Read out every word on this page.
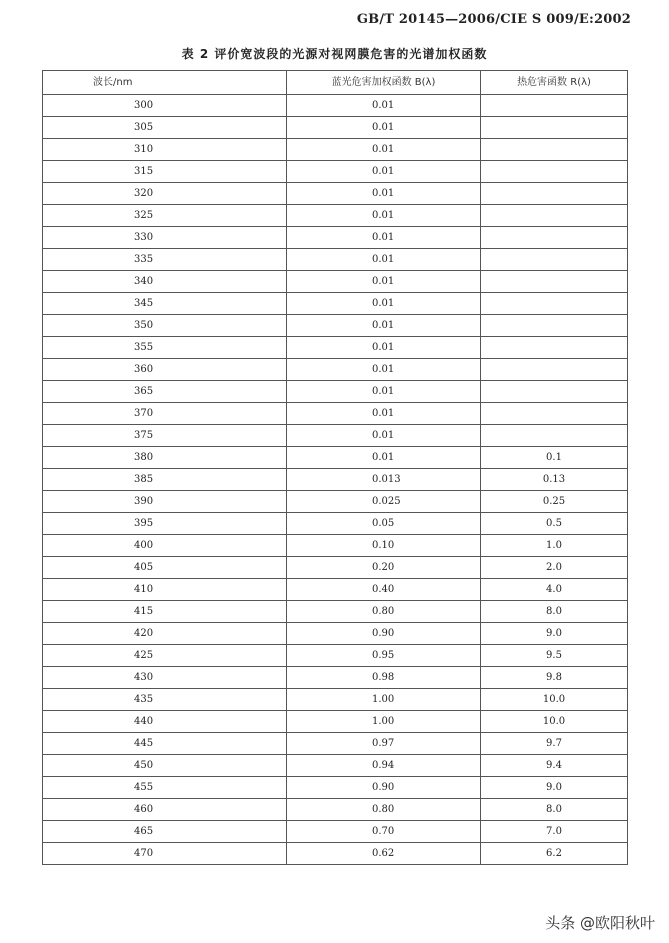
GB/T 20145—2006/CIE S 009/E:2002
表 2 评价宽波段的光源对视网膜危害的光谱加权函数
波长/nm	蓝光危害加权函数 B(λ)	热危害函数 R(λ)
300	0.01	
305	0.01	
310	0.01	
315	0.01	
320	0.01	
325	0.01	
330	0.01	
335	0.01	
340	0.01	
345	0.01	
350	0.01	
355	0.01	
360	0.01	
365	0.01	
370	0.01	
375	0.01	
380	0.01	0.1
385	0.013	0.13
390	0.025	0.25
395	0.05	0.5
400	0.10	1.0
405	0.20	2.0
410	0.40	4.0
415	0.80	8.0
420	0.90	9.0
425	0.95	9.5
430	0.98	9.8
435	1.00	10.0
440	1.00	10.0
445	0.97	9.7
450	0.94	9.4
455	0.90	9.0
460	0.80	8.0
465	0.70	7.0
470	0.62	6.2
头条 @欧阳秋叶
